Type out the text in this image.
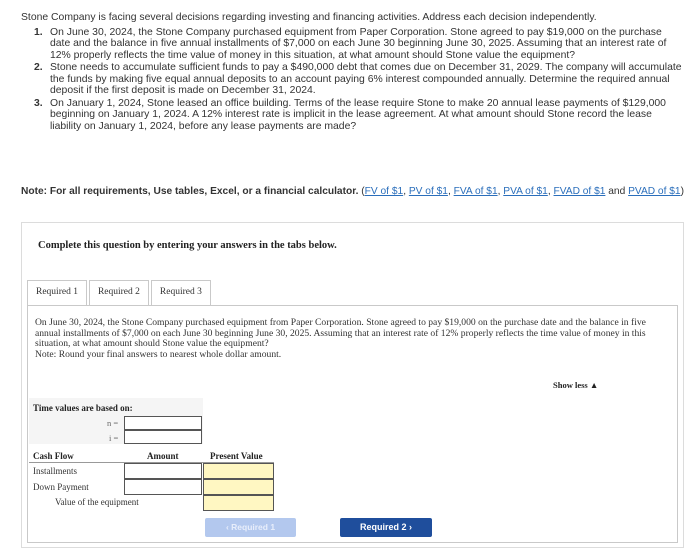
Stone Company is facing several decisions regarding investing and financing activities. Address each decision independently.
1. On June 30, 2024, the Stone Company purchased equipment from Paper Corporation. Stone agreed to pay $19,000 on the purchase date and the balance in five annual installments of $7,000 on each June 30 beginning June 30, 2025. Assuming that an interest rate of 12% properly reflects the time value of money in this situation, at what amount should Stone value the equipment?
2. Stone needs to accumulate sufficient funds to pay a $490,000 debt that comes due on December 31, 2029. The company will accumulate the funds by making five equal annual deposits to an account paying 6% interest compounded annually. Determine the required annual deposit if the first deposit is made on December 31, 2024.
3. On January 1, 2024, Stone leased an office building. Terms of the lease require Stone to make 20 annual lease payments of $129,000 beginning on January 1, 2024. A 12% interest rate is implicit in the lease agreement. At what amount should Stone record the lease liability on January 1, 2024, before any lease payments are made?
Note: For all requirements, Use tables, Excel, or a financial calculator. (FV of $1, PV of $1, FVA of $1, PVA of $1, FVAD of $1 and PVAD of $1)
Complete this question by entering your answers in the tabs below.
Required 1	Required 2	Required 3
On June 30, 2024, the Stone Company purchased equipment from Paper Corporation. Stone agreed to pay $19,000 on the purchase date and the balance in five annual installments of $7,000 on each June 30 beginning June 30, 2025. Assuming that an interest rate of 12% properly reflects the time value of money in this situation, at what amount should Stone value the equipment?
Note: Round your final answers to nearest whole dollar amount.
Show less ▲
Time values are based on:
n =
i =
Cash Flow	Amount	Present Value
Installments
Down Payment
Value of the equipment
‹ Required 1	Required 2 ›
